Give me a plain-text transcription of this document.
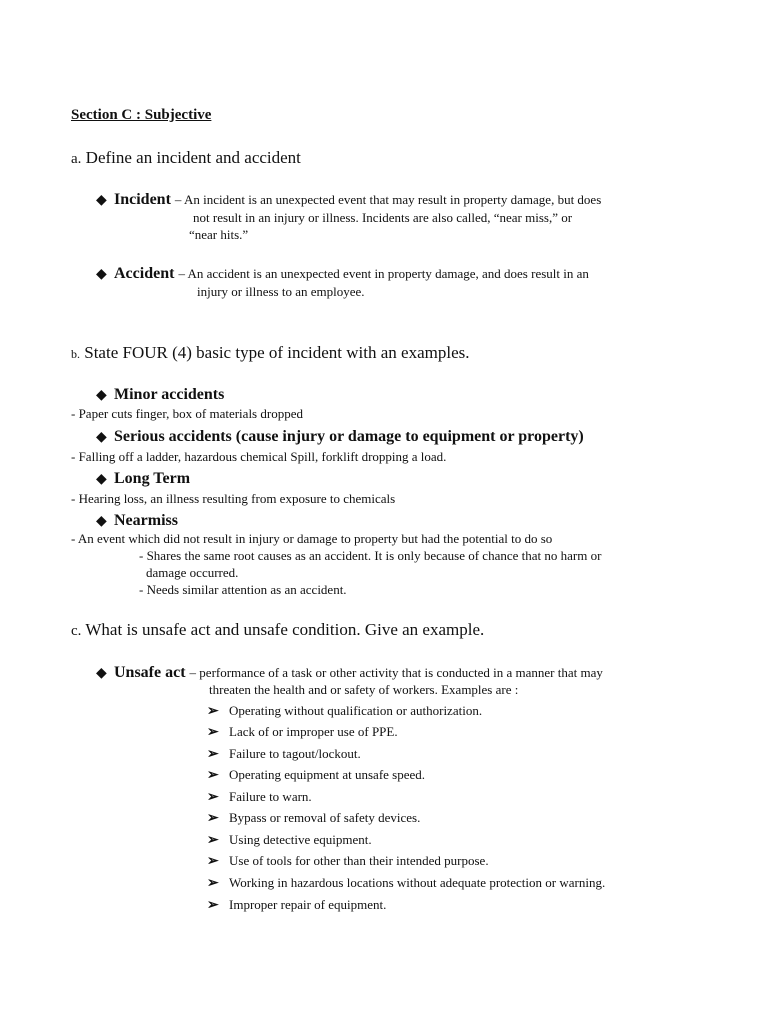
Section C : Subjective
a. Define an incident and accident
◆ Incident – An incident is an unexpected event that may result in property damage, but does
not result in an injury or illness. Incidents are also called, “near miss,” or
“near hits.”
◆ Accident – An accident is an unexpected event in property damage, and does result in an
injury or illness to an employee.
b. State FOUR (4) basic type of incident with an examples.
◆ Minor accidents
- Paper cuts finger, box of materials dropped
◆ Serious accidents (cause injury or damage to equipment or property)
- Falling off a ladder, hazardous chemical Spill, forklift dropping a load.
◆ Long Term
- Hearing loss, an illness resulting from exposure to chemicals
◆ Nearmiss
- An event which did not result in injury or damage to property but had the potential to do so
- Shares the same root causes as an accident. It is only because of chance that no harm or
damage occurred.
- Needs similar attention as an accident.
c. What is unsafe act and unsafe condition. Give an example.
◆ Unsafe act – performance of a task or other activity that is conducted in a manner that may
threaten the health and or safety of workers. Examples are :
➢ Operating without qualification or authorization.
➢ Lack of or improper use of PPE.
➢ Failure to tagout/lockout.
➢ Operating equipment at unsafe speed.
➢ Failure to warn.
➢ Bypass or removal of safety devices.
➢ Using detective equipment.
➢ Use of tools for other than their intended purpose.
➢ Working in hazardous locations without adequate protection or warning.
➢ Improper repair of equipment.
